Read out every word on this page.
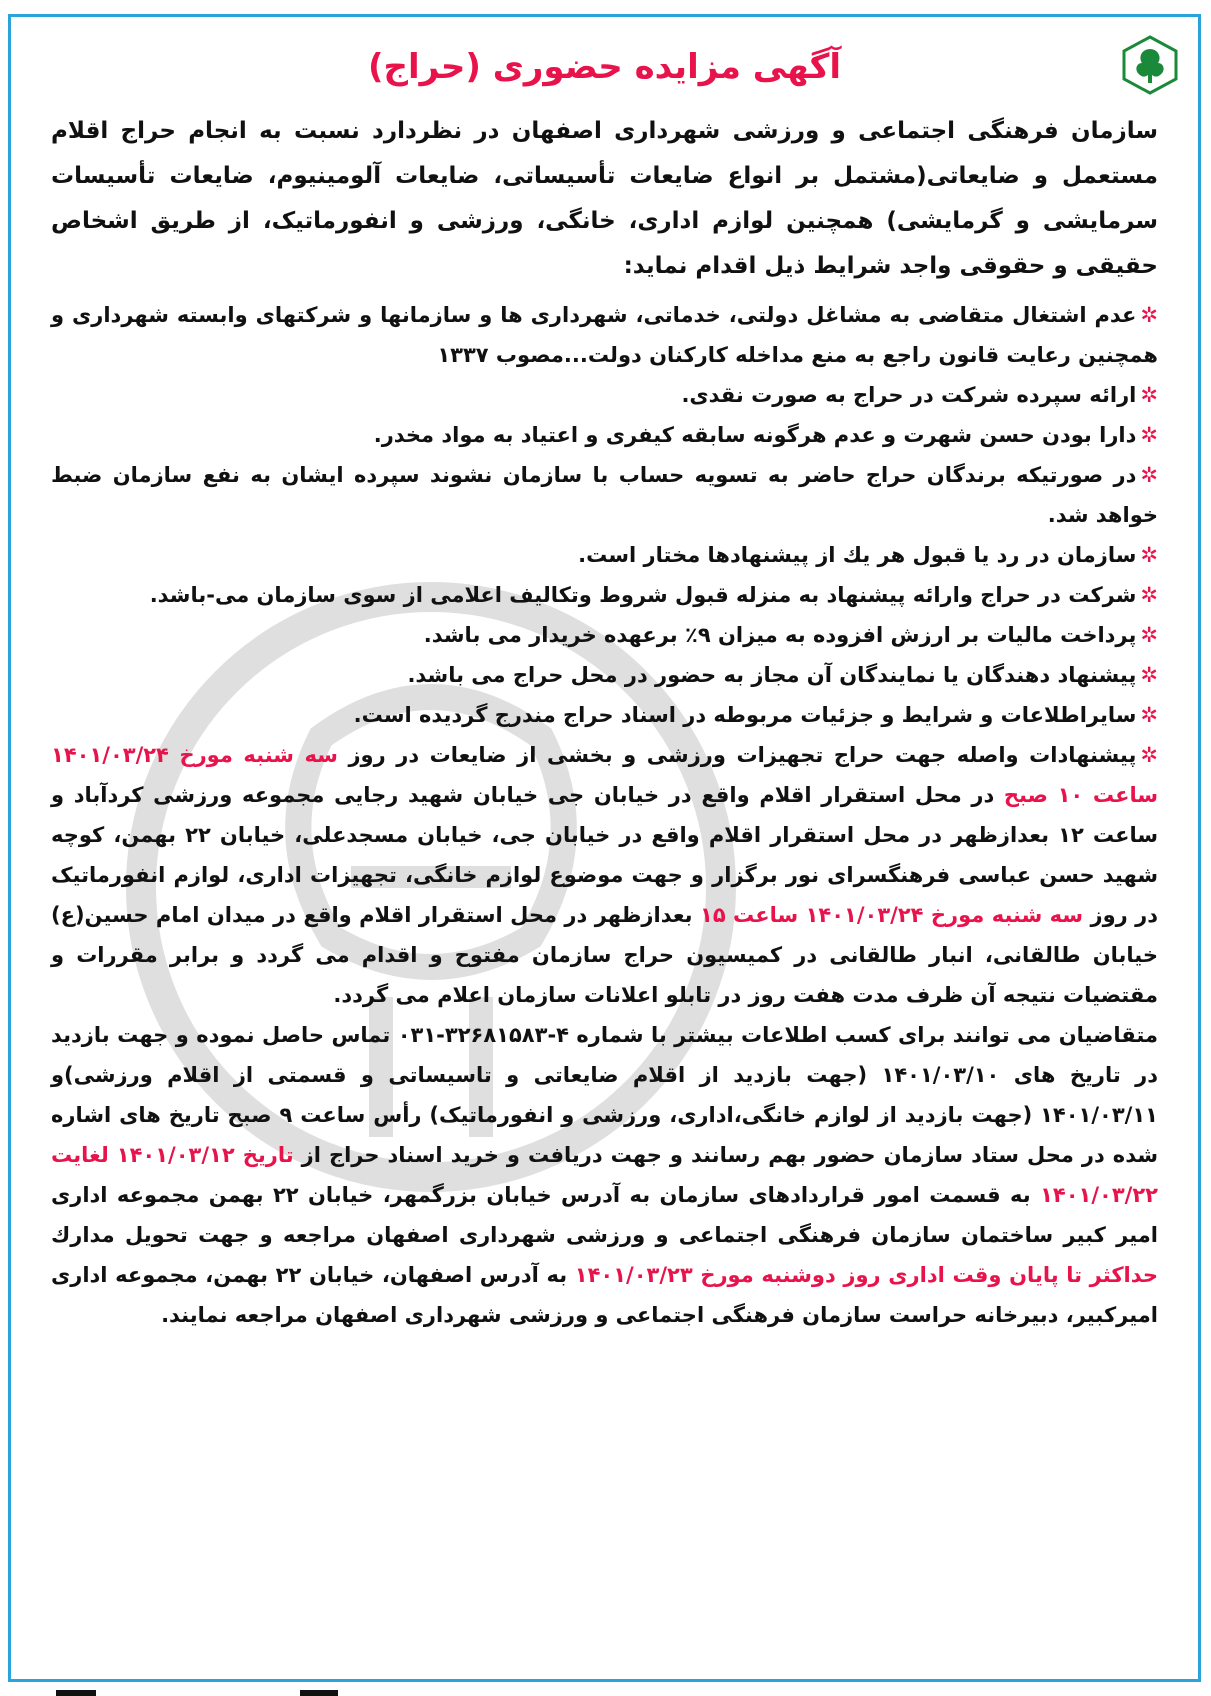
آگهی مزایده حضوری (حراج)

سازمان فرهنگی اجتماعی و ورزشی شهرداری اصفهان در نظردارد نسبت به انجام حراج اقلام مستعمل و ضایعاتی(مشتمل بر انواع ضایعات تأسیساتی، ضایعات آلومینیوم، ضایعات تأسیسات سرمایشی و گرمایشی) همچنین لوازم اداری، خانگی، ورزشی و انفورماتیک، از طریق اشخاص حقیقی و حقوقی واجد شرایط ذیل اقدام نماید:

✲عدم اشتغال متقاضی به مشاغل دولتی، خدماتی، شهرداری ها و سازمانها و شرکتهای وابسته شهرداری و همچنین رعایت قانون راجع به منع مداخله کارکنان دولت...مصوب ۱۳۳۷

✲ارائه سپرده شرکت در حراج به صورت نقدی.

✲دارا بودن حسن شهرت و عدم هرگونه سابقه کیفری و اعتیاد به مواد مخدر.

✲در صورتیکه برندگان حراج حاضر به تسویه حساب با سازمان نشوند سپرده ایشان به نفع سازمان ضبط خواهد شد.

✲سازمان در رد یا قبول هر یك از پیشنهادها مختار است.

✲شرکت در حراج وارائه پیشنهاد به منزله قبول شروط وتکالیف اعلامی از سوی سازمان می-باشد.

✲پرداخت مالیات بر ارزش افزوده به میزان ۹٪ برعهده خریدار می باشد.

✲پیشنهاد دهندگان یا نمایندگان آن مجاز به حضور در محل حراج می باشد.

✲سایراطلاعات و شرایط و جزئیات مربوطه در اسناد حراج مندرج گردیده است.

✲پیشنهادات واصله جهت حراج تجهیزات ورزشی و بخشی از ضایعات در روز سه شنبه مورخ ۱۴۰۱/۰۳/۲۴ ساعت ۱۰ صبح در محل استقرار اقلام واقع در خیابان جی خیابان شهید رجایی مجموعه ورزشی کردآباد و ساعت ۱۲ بعدازظهر در محل استقرار اقلام واقع در خیابان جی، خیابان مسجدعلی، خیابان ۲۲ بهمن، کوچه شهید حسن عباسی فرهنگسرای نور برگزار و جهت موضوع لوازم خانگی، تجهیزات اداری، لوازم انفورماتیک در روز سه شنبه مورخ ۱۴۰۱/۰۳/۲۴ ساعت ۱۵ بعدازظهر در محل استقرار اقلام واقع در میدان امام حسین(ع) خیابان طالقانی، انبار طالقانی در کمیسیون حراج سازمان مفتوح و اقدام می گردد و برابر مقررات و مقتضیات نتیجه آن ظرف مدت هفت روز در تابلو اعلانات سازمان اعلام می گردد.

متقاضیان می توانند برای کسب اطلاعات بیشتر با شماره ۴-۳۲۶۸۱۵۸۳-۰۳۱ تماس حاصل نموده و جهت بازدید در تاریخ های ۱۴۰۱/۰۳/۱۰ (جهت بازدید از اقلام ضایعاتی و تاسیساتی و قسمتی از اقلام ورزشی)و ۱۴۰۱/۰۳/۱۱ (جهت بازدید از لوازم خانگی،اداری، ورزشی و انفورماتیک) رأس ساعت ۹ صبح تاریخ های اشاره شده در محل ستاد سازمان حضور بهم رسانند و جهت دریافت و خرید اسناد حراج از تاریخ ۱۴۰۱/۰۳/۱۲ لغایت ۱۴۰۱/۰۳/۲۲ به قسمت امور قراردادهای سازمان به آدرس خیابان بزرگمهر، خیابان ۲۲ بهمن مجموعه اداری امیر کبیر ساختمان سازمان فرهنگی اجتماعی و ورزشی شهرداری اصفهان مراجعه و جهت تحویل مدارك حداکثر تا پایان وقت اداری روز دوشنبه مورخ ۱۴۰۱/۰۳/۲۳ به آدرس اصفهان، خیابان ۲۲ بهمن، مجموعه اداری امیرکبیر، دبیرخانه حراست سازمان فرهنگی اجتماعی و ورزشی شهرداری اصفهان مراجعه نمایند.
